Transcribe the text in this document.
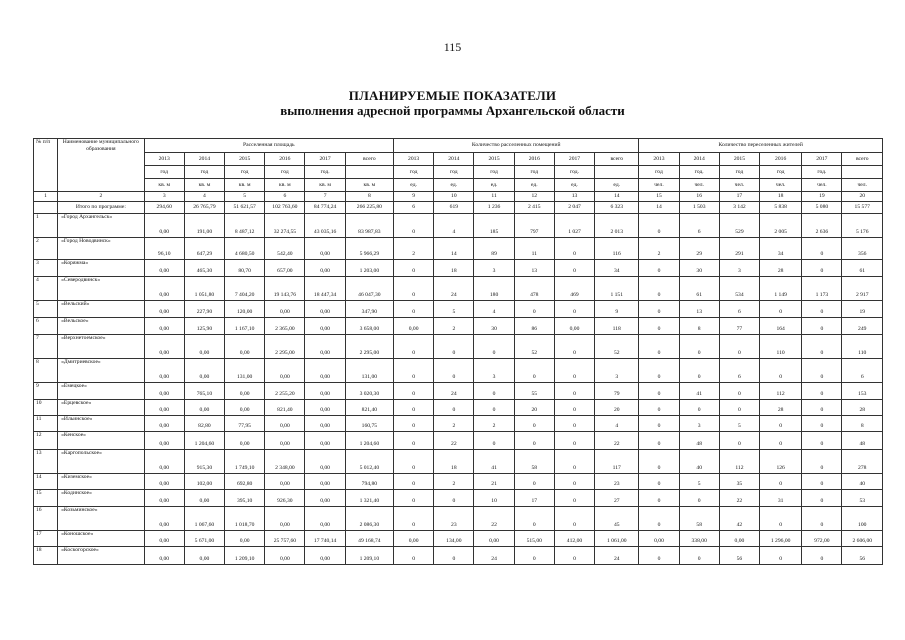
115
ПЛАНИРУЕМЫЕ ПОКАЗАТЕЛИ
выполнения адресной программы Архангельской области
№ п/п	Наименование муниципального образования	Расселенная площадь						Количество расселенных помещений						Количество переселенных жителей					
		2013	2014	2015	2016	2017	всего	2013	2014	2015	2016	2017	всего	2013	2014	2015	2016	2017	всего
		год	год	год	год	год.		год	год	год	год	год.		год	год.	год	год	год.	
		кв. м	кв. м	кв. м	кв. м	кв. м	кв. м	ед.	ед.	ед.	ед.	ед.	ед.	чел.	чел.	чел.	чел.	чел.	чел.
1	2	3	4	5	6	7	8	9	10	11	12	13	14	15	16	17	18	19	20
	Итого по программе:	294,60	26 765,79	51 621,57	102 763,60	84 774,24	266 225,80	6	619	1 236	2 415	2 047	6 323	14	1 503	3 142	5 838	5 080	15 577
1	«Город Архангельск»	0,00	191,00	8 487,12	32 274,55	43 035,16	83 987,83	0	4	185	797	1 027	2 013	0	6	529	2 005	2 636	5 176
2	«Город Новодвинск»	96,10	647,29	4 680,50	542,40	0,00	5 966,29	2	14	89	11	0	116	2	29	291	34	0	356
3	«Коряжма»	0,00	465,30	80,70	657,00	0,00	1 203,00	0	18	3	13	0	34	0	30	3	28	0	61
4	«Северодвинск»	0,00	1 051,80	7 404,20	19 143,76	18 447,34	46 047,30	0	24	180	478	469	1 151	0	61	534	1 149	1 173	2 917
5	«Вельский»	0,00	227,90	120,00	0,00	0,00	347,90	0	5	4	0	0	9	0	13	6	0	0	19
6	«Вельское»	0,00	125,90	1 167,10	2 365,00	0,00	3 658,00	0,00	2	30	86	0,00	118	0	8	77	164	0	249
7	«Верхнетоемское»	0,00	0,00	0,00	2 295,00	0,00	2 295,00	0	0	0	52	0	52	0	0	0	110	0	110
8	«Дмитриевское»	0,00	0,00	131,00	0,00	0,00	131,00	0	0	3	0	0	3	0	0	6	0	0	6
9	«Емецкое»	0,00	765,10	0,00	2 255,20	0,00	3 020,30	0	24	0	55	0	79	0	41	0	112	0	153
10	«Ерцевское»	0,00	0,00	0,00	821,40	0,00	821,40	0	0	0	20	0	20	0	0	0	28	0	28
11	«Ильинское»	0,00	82,80	77,95	0,00	0,00	160,75	0	2	2	0	0	4	0	3	5	0	0	8
12	«Кенское»	0,00	1 204,60	0,00	0,00	0,00	1 204,60	0	22	0	0	0	22	0	48	0	0	0	48
13	«Каргопольское»	0,00	915,30	1 749,10	2 348,00	0,00	5 012,40	0	18	41	58	0	117	0	40	112	126	0	278
14	«Киземское»	0,00	102,00	692,80	0,00	0,00	794,80	0	2	21	0	0	23	0	5	35	0	0	40
15	«Кодинское»	0,00	0,00	395,10	926,30	0,00	1 321,40	0	0	10	17	0	27	0	0	22	31	0	53
16	«Козьминское»	0,00	1 067,60	1 018,70	0,00	0,00	2 086,30	0	23	22	0	0	45	0	58	42	0	0	100
17	«Коношское»	0,00	5 671,00	0,00	25 757,60	17 740,14	49 168,74	0,00	134,00	0,00	515,00	412,00	1 061,00	0,00	338,00	0,00	1 296,00	972,00	2 606,00
18	«Коскогорское»	0,00	0,00	1 209,10	0,00	0,00	1 209,10	0	0	24	0	0	24	0	0	56	0	0	56
